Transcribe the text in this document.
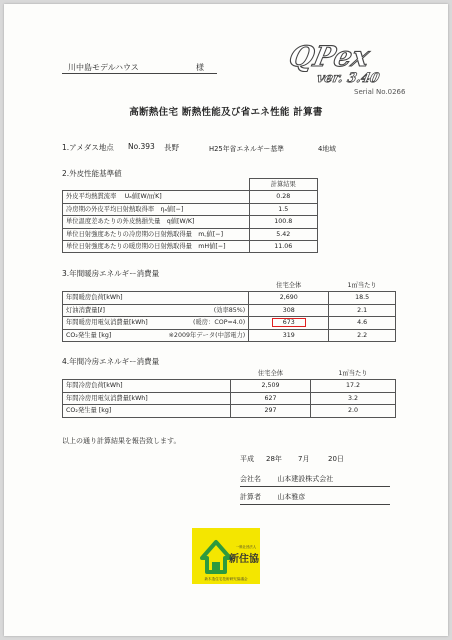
川中島モデルハウス	様
	QPex
ver. 3.40
Serial No.0266
高断熱住宅 断熱性能及び省エネ性能 計算書
1.アメダス地点 No.393 長野	H25年省エネルギー基準	4地域
2.外皮性能基準値
	計算結果
外皮平均熱貫流率 　Uₐ値[W/㎡K]	0.28
冷房期の外皮平均日射熱取得率　ηₐ値[−]	1.5
単位温度差あたりの外皮熱損失量　q値[W/K]	100.8
単位日射強度あたりの冷房期の日射熱取得量　m꜀値[−]	5.42
単位日射強度あたりの暖房期の日射熱取得量　mH値[−]	11.06
3.年間暖房エネルギー消費量
		住宅全体	1㎡当たり
年間暖房負荷[kWh]		2,690	18.5
灯油消費量[ℓ]	(効率85%)	308	2.1
年間暖房用電気消費量[kWh]	(暖房：COP=4.0)	673	4.6
CO₂発生量 [kg]	※2009年データ(中部電力)	319	2.2
4.年間冷房エネルギー消費量
	住宅全体	1㎡当たり
年間冷房負荷[kWh]	2,509	17.2
年間冷房用電気消費量[kWh]	627	3.2
CO₂発生量 [kg]	297	2.0
以上の通り計算結果を報告致します。
平成 28年 7月	20日
会社名 山本建設株式会社
計算者 山本雅彦
一般社団法人
新住協
新木造住宅技術研究協議会
